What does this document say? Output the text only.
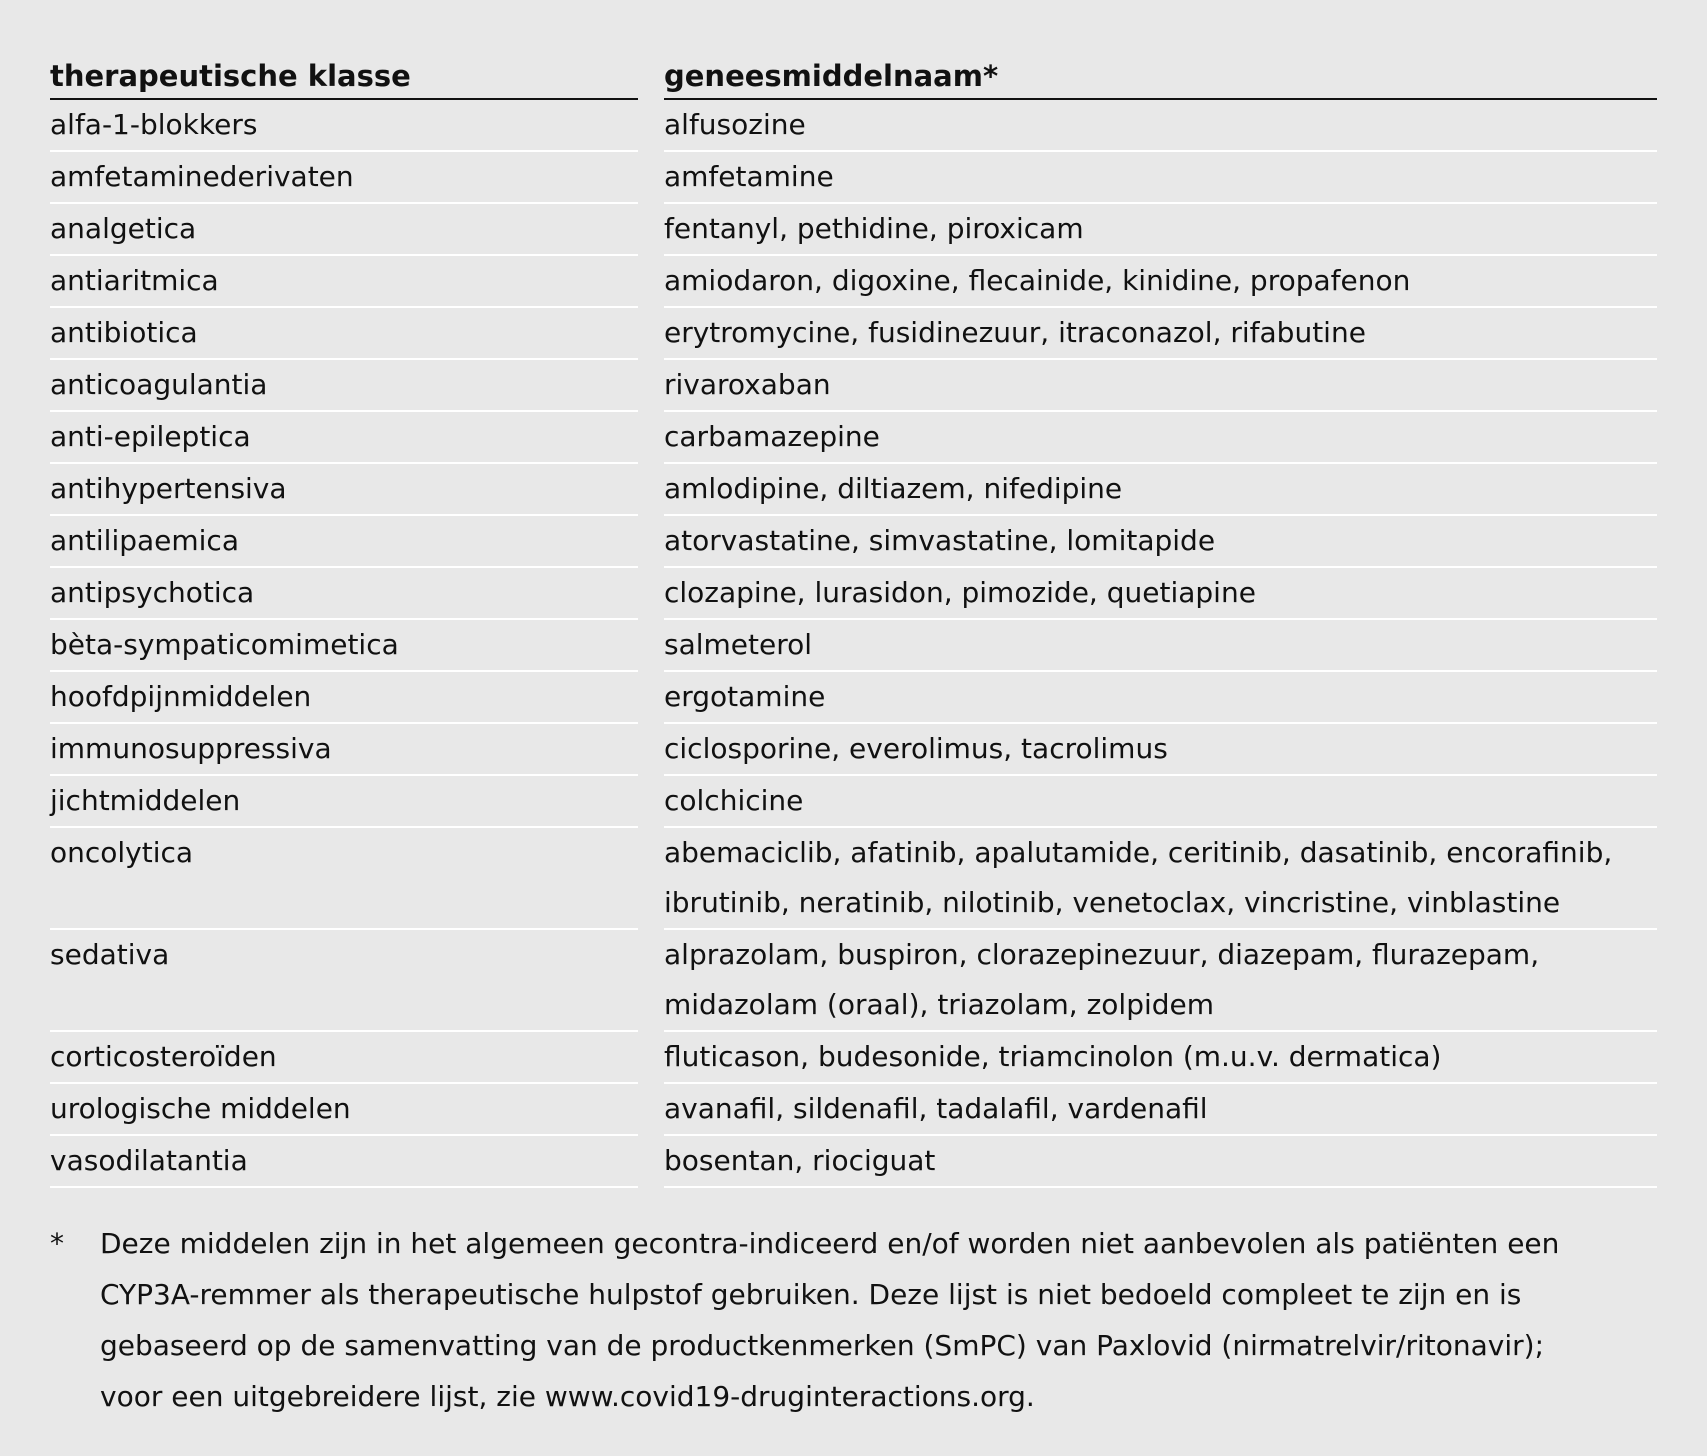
therapeutische klasse	geneesmiddelnaam*
alfa-1-blokkers	alfusozine
amfetaminederivaten	amfetamine
analgetica	fentanyl, pethidine, piroxicam
antiaritmica	amiodaron, digoxine, flecainide, kinidine, propafenon
antibiotica	erytromycine, fusidinezuur, itraconazol, rifabutine
anticoagulantia	rivaroxaban
anti-epileptica	carbamazepine
antihypertensiva	amlodipine, diltiazem, nifedipine
antilipaemica	atorvastatine, simvastatine, lomitapide
antipsychotica	clozapine, lurasidon, pimozide, quetiapine
bèta-sympaticomimetica	salmeterol
hoofdpijnmiddelen	ergotamine
immunosuppressiva	ciclosporine, everolimus, tacrolimus
jichtmiddelen	colchicine
oncolytica	abemaciclib, afatinib, apalutamide, ceritinib, dasatinib, encorafinib,
ibrutinib, neratinib, nilotinib, venetoclax, vincristine, vinblastine
sedativa	alprazolam, buspiron, clorazepinezuur, diazepam, flurazepam,
midazolam (oraal), triazolam, zolpidem
corticosteroïden	fluticason, budesonide, triamcinolon (m.u.v. dermatica)
urologische middelen	avanafil, sildenafil, tadalafil, vardenafil
vasodilatantia	bosentan, riociguat
*	Deze middelen zijn in het algemeen gecontra-indiceerd en/of worden niet aanbevolen als patiënten een
CYP3A-remmer als therapeutische hulpstof gebruiken. Deze lijst is niet bedoeld compleet te zijn en is
gebaseerd op de samenvatting van de productkenmerken (SmPC) van Paxlovid (nirmatrelvir/ritonavir);
voor een uitgebreidere lijst, zie www.covid19-druginteractions.org.
